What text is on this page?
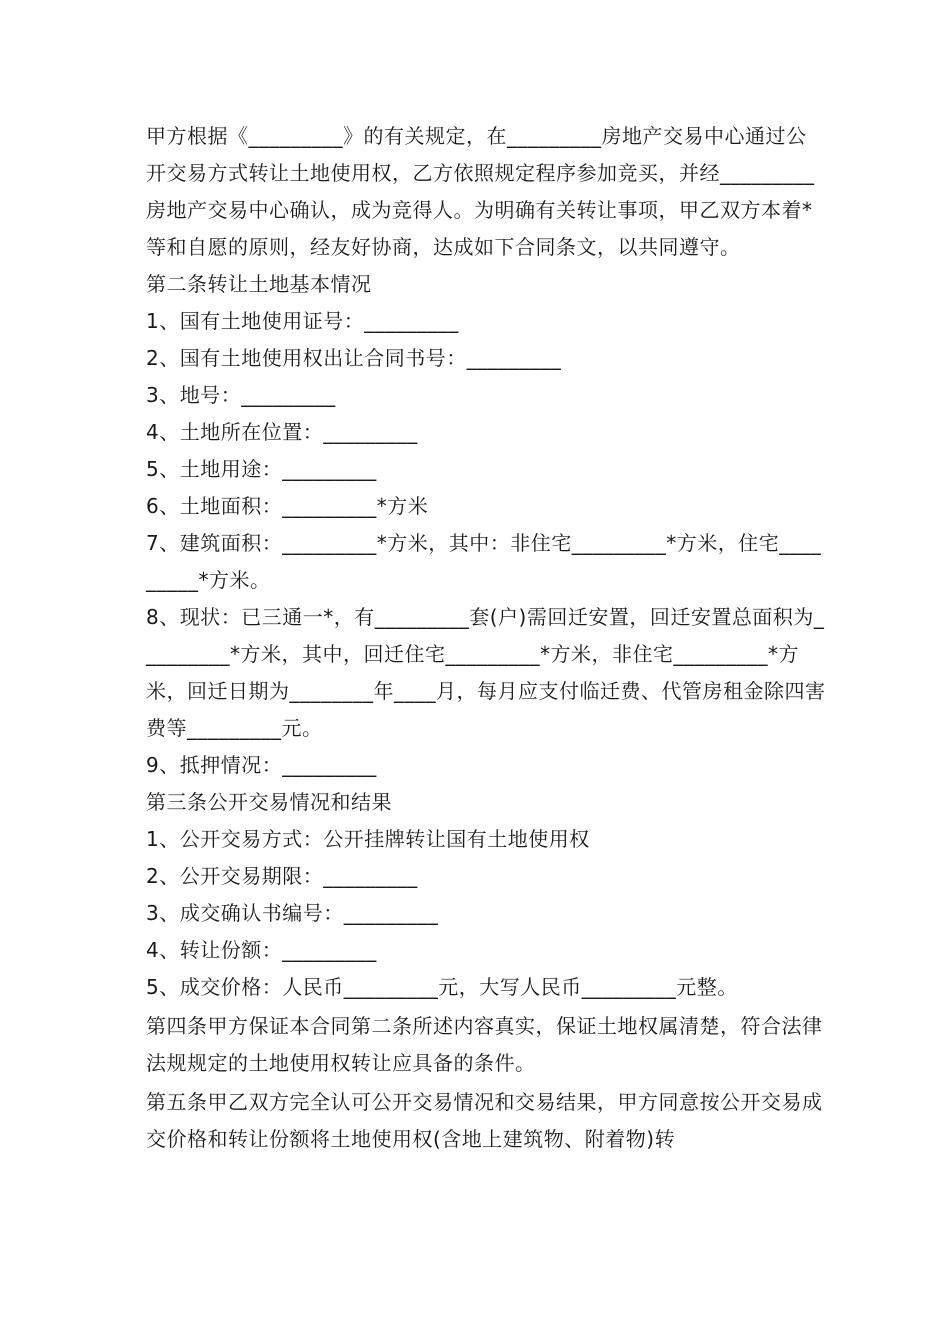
甲方根据《_________》的有关规定，在_________房地产交易中心通过公开交易方式转让土地使用权，乙方依照规定程序参加竞买，并经_________房地产交易中心确认，成为竞得人。为明确有关转让事项，甲乙双方本着*等和自愿的原则，经友好协商，达成如下合同条文，以共同遵守。

第二条转让土地基本情况

1、国有土地使用证号：_________

2、国有土地使用权出让合同书号：_________

3、地号：_________

4、土地所在位置：_________

5、土地用途：_________

6、土地面积：_________*方米

7、建筑面积：_________*方米，其中：非住宅_________*方米，住宅_________*方米。

8、现状：已三通一*，有_________套(户)需回迁安置，回迁安置总面积为_________*方米，其中，回迁住宅_________*方米，非住宅_________*方米，回迁日期为________年____月，每月应支付临迁费、代管房租金除四害费等_________元。

9、抵押情况：_________

第三条公开交易情况和结果

1、公开交易方式：公开挂牌转让国有土地使用权

2、公开交易期限：_________

3、成交确认书编号：_________

4、转让份额：_________

5、成交价格：人民币_________元，大写人民币_________元整。

第四条甲方保证本合同第二条所述内容真实，保证土地权属清楚，符合法律法规规定的土地使用权转让应具备的条件。

第五条甲乙双方完全认可公开交易情况和交易结果，甲方同意按公开交易成交价格和转让份额将土地使用权(含地上建筑物、附着物)转
